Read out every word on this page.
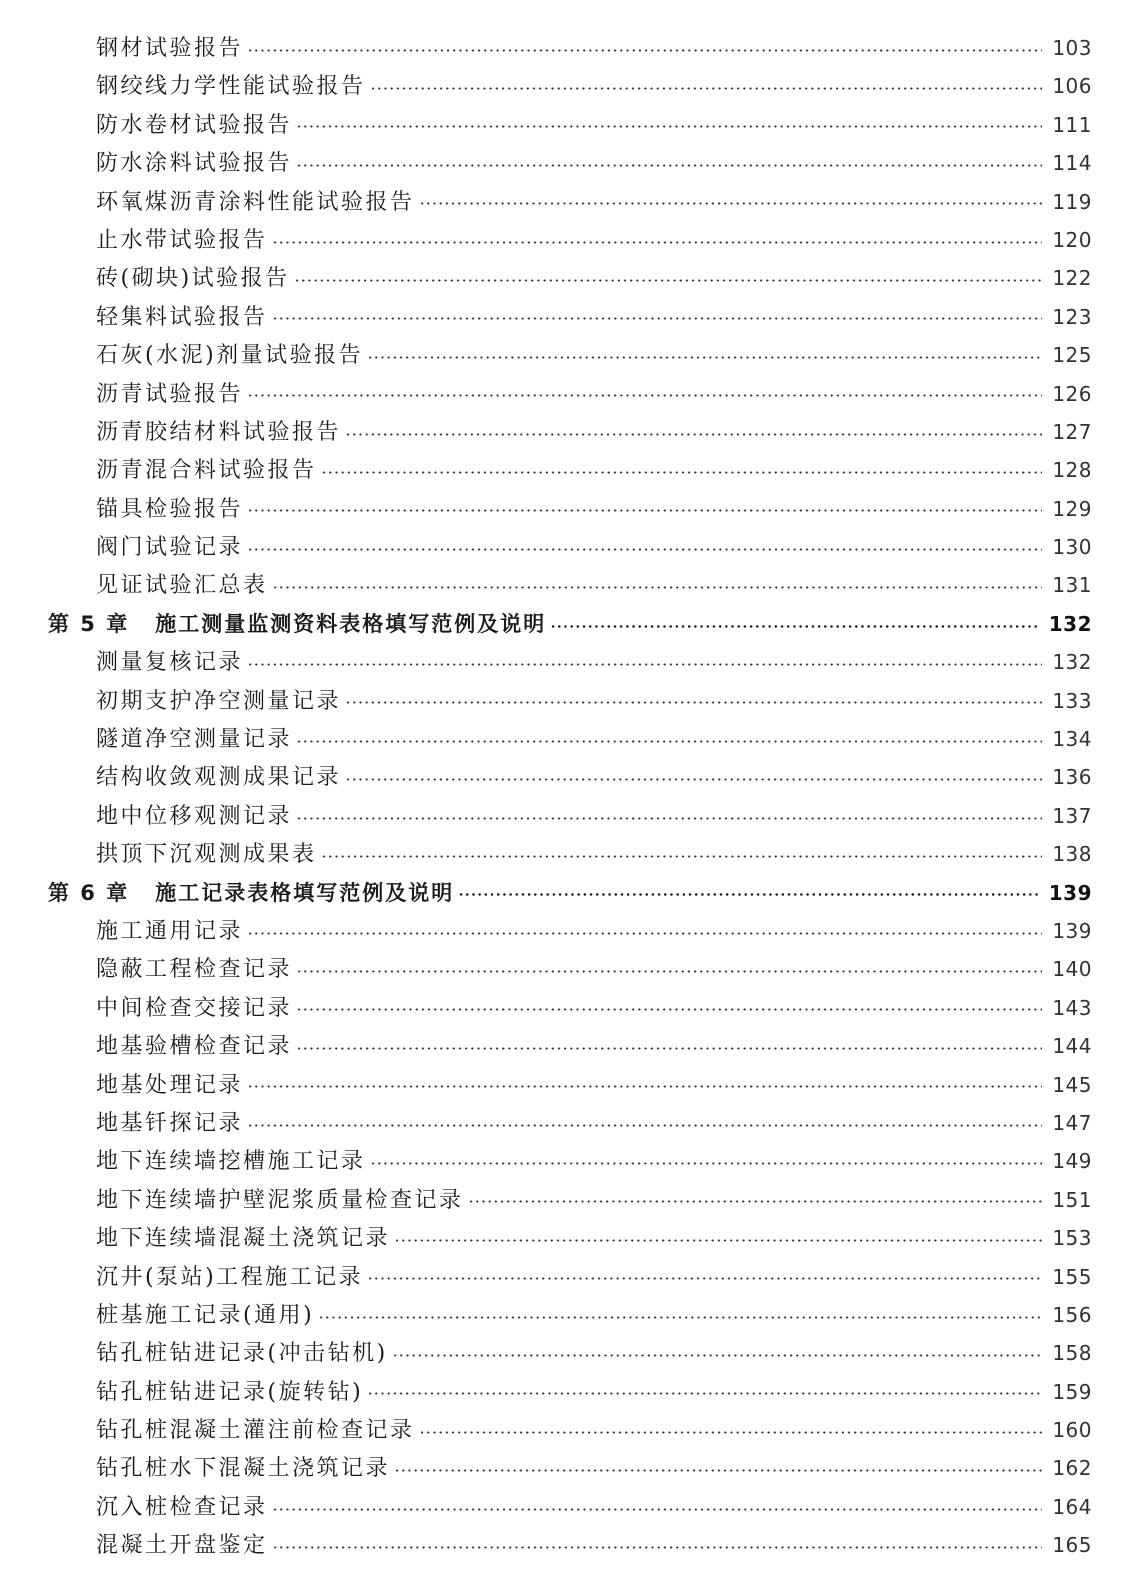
钢材试验报告	103
钢绞线力学性能试验报告	106
防水卷材试验报告	111
防水涂料试验报告	114
环氧煤沥青涂料性能试验报告	119
止水带试验报告	120
砖(砌块)试验报告	122
轻集料试验报告	123
石灰(水泥)剂量试验报告	125
沥青试验报告	126
沥青胶结材料试验报告	127
沥青混合料试验报告	128
锚具检验报告	129
阀门试验记录	130
见证试验汇总表	131
第 5 章 施工测量监测资料表格填写范例及说明	132
测量复核记录	132
初期支护净空测量记录	133
隧道净空测量记录	134
结构收敛观测成果记录	136
地中位移观测记录	137
拱顶下沉观测成果表	138
第 6 章 施工记录表格填写范例及说明	139
施工通用记录	139
隐蔽工程检查记录	140
中间检查交接记录	143
地基验槽检查记录	144
地基处理记录	145
地基钎探记录	147
地下连续墙挖槽施工记录	149
地下连续墙护壁泥浆质量检查记录	151
地下连续墙混凝土浇筑记录	153
沉井(泵站)工程施工记录	155
桩基施工记录(通用)	156
钻孔桩钻进记录(冲击钻机)	158
钻孔桩钻进记录(旋转钻)	159
钻孔桩混凝土灌注前检查记录	160
钻孔桩水下混凝土浇筑记录	162
沉入桩检查记录	164
混凝土开盘鉴定	165
